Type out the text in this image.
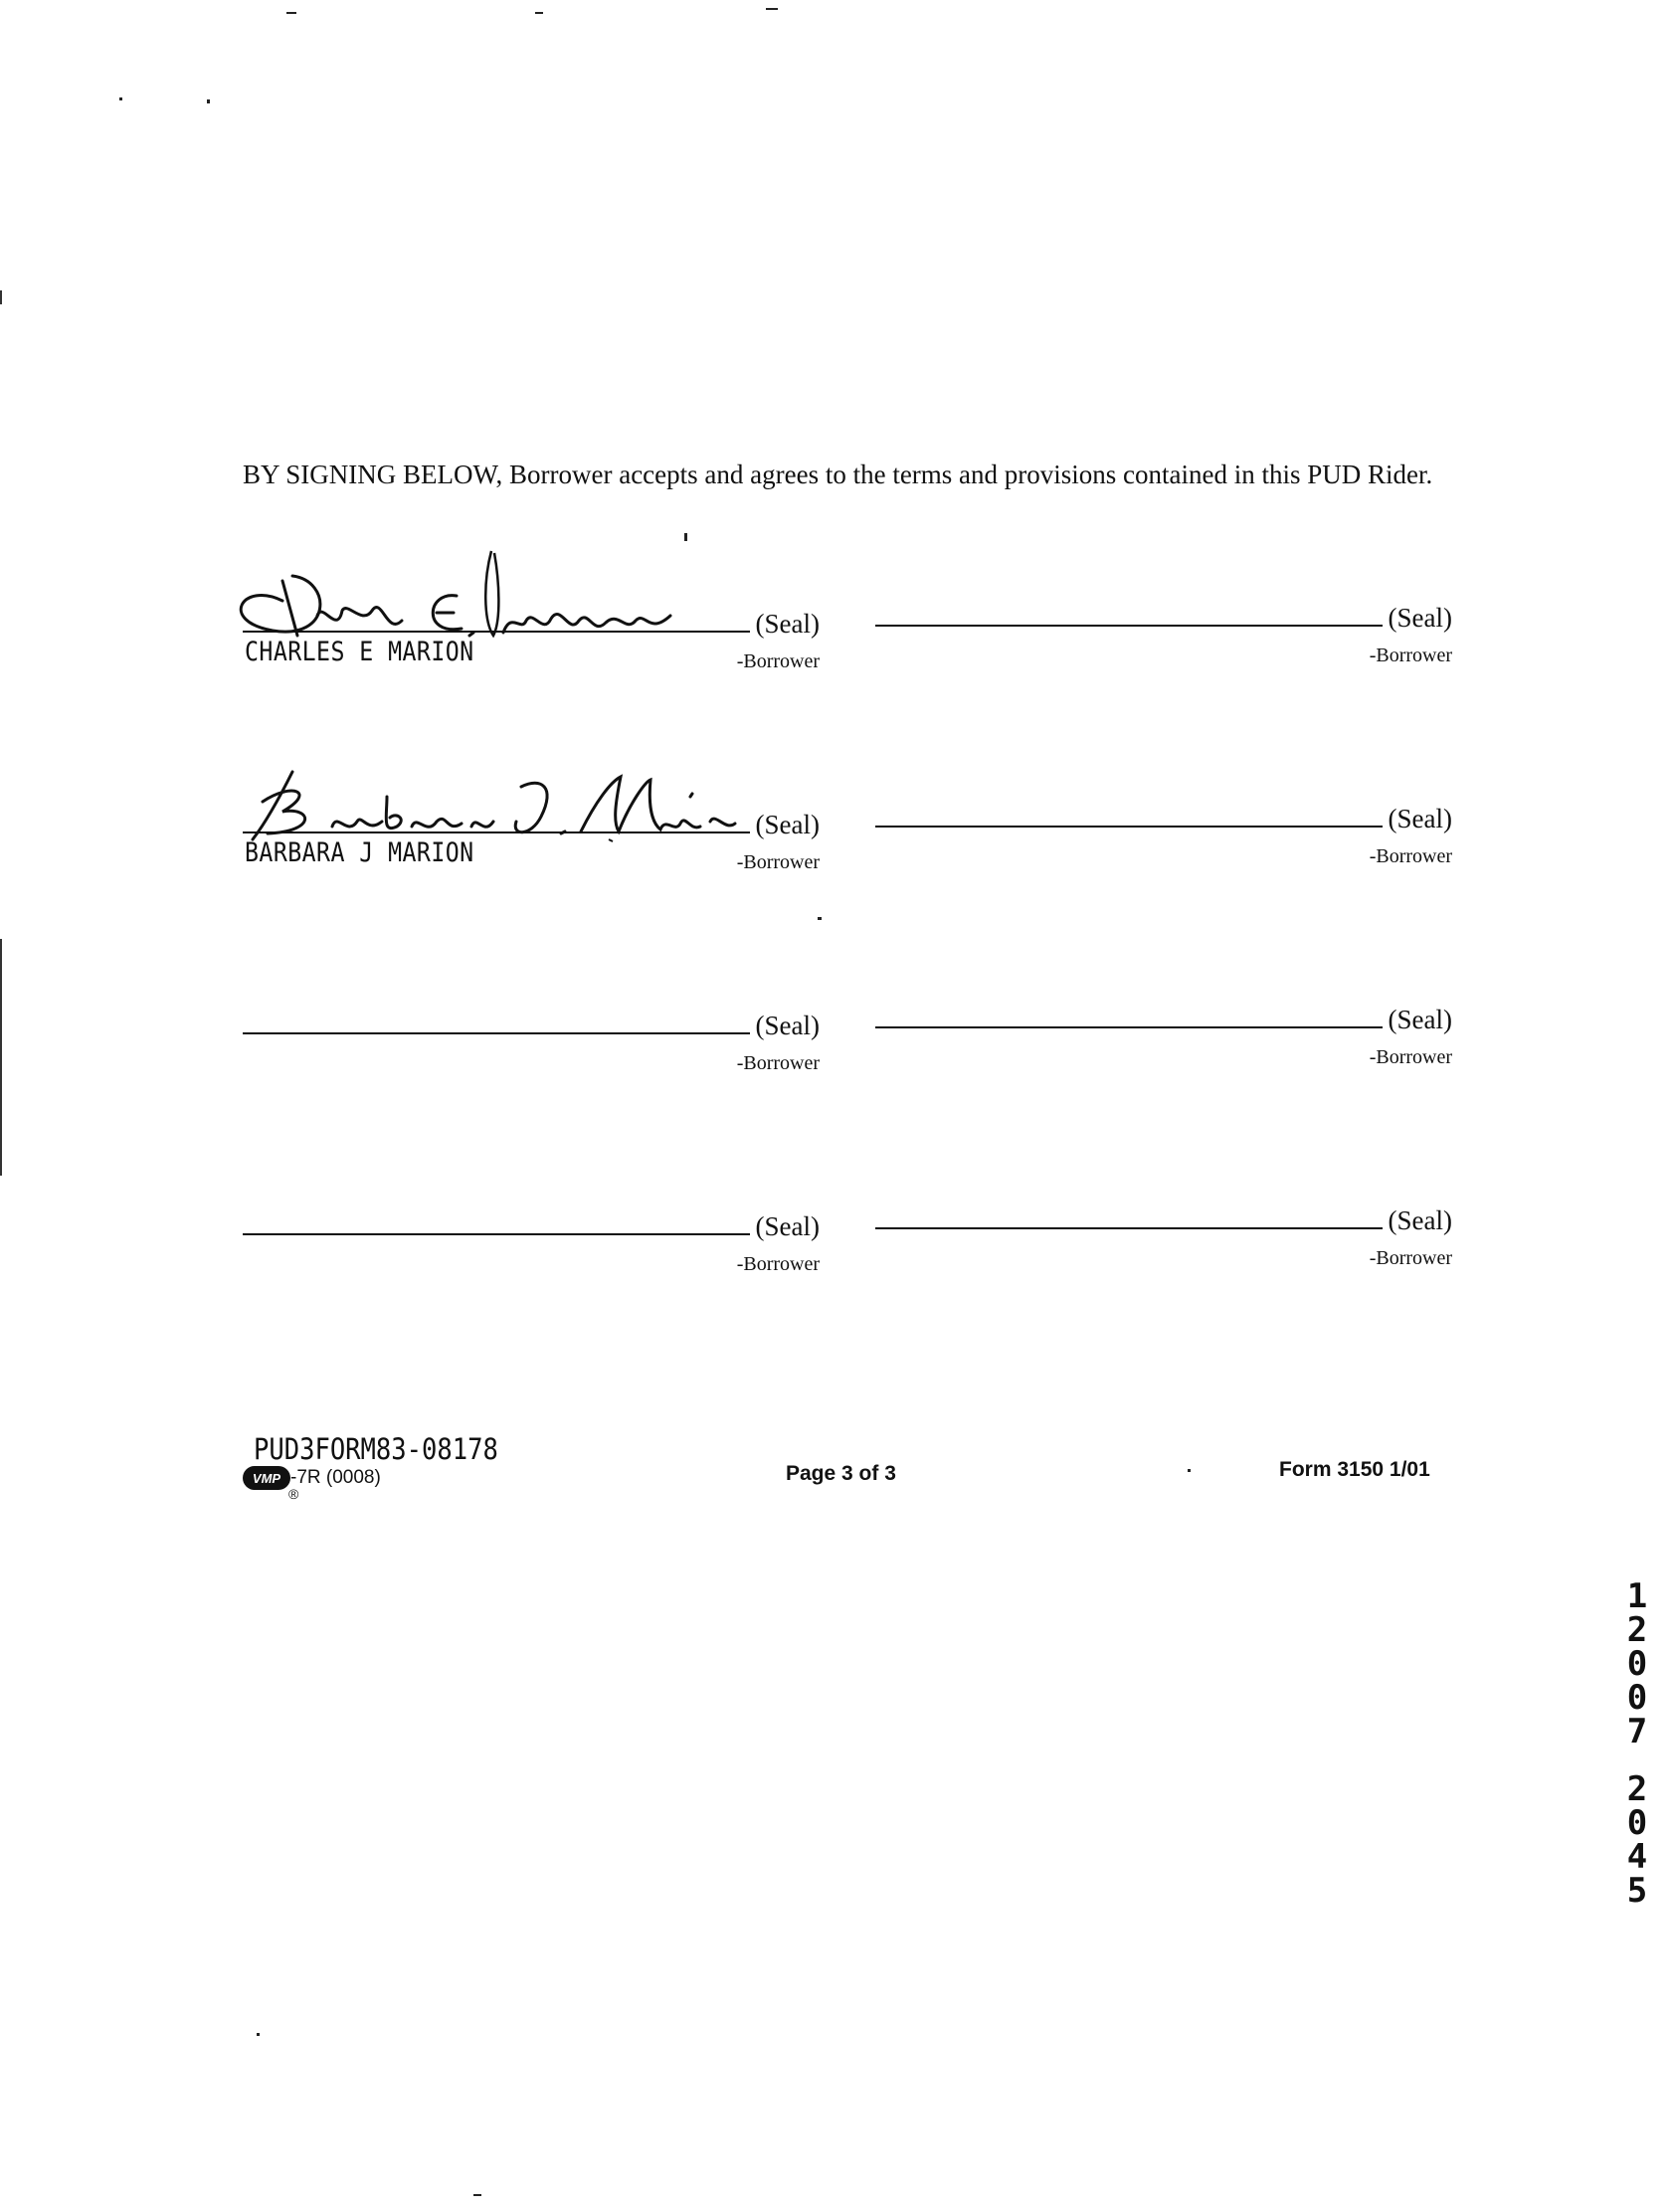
BY SIGNING BELOW, Borrower accepts and agrees to the terms and provisions contained in this PUD Rider.

(Seal)
CHARLES E MARION	-Borrower
(Seal)
-Borrower
(Seal)
BARBARA J MARION	-Borrower
(Seal)
-Borrower
(Seal)
-Borrower
(Seal)
-Borrower
(Seal)
-Borrower
(Seal)
-Borrower
PUD3FORM83-08178
VMP
®
-7R (0008)	Page 3 of 3	Form 3150 1/01
1
2
0
0
7
2
0
4
5
